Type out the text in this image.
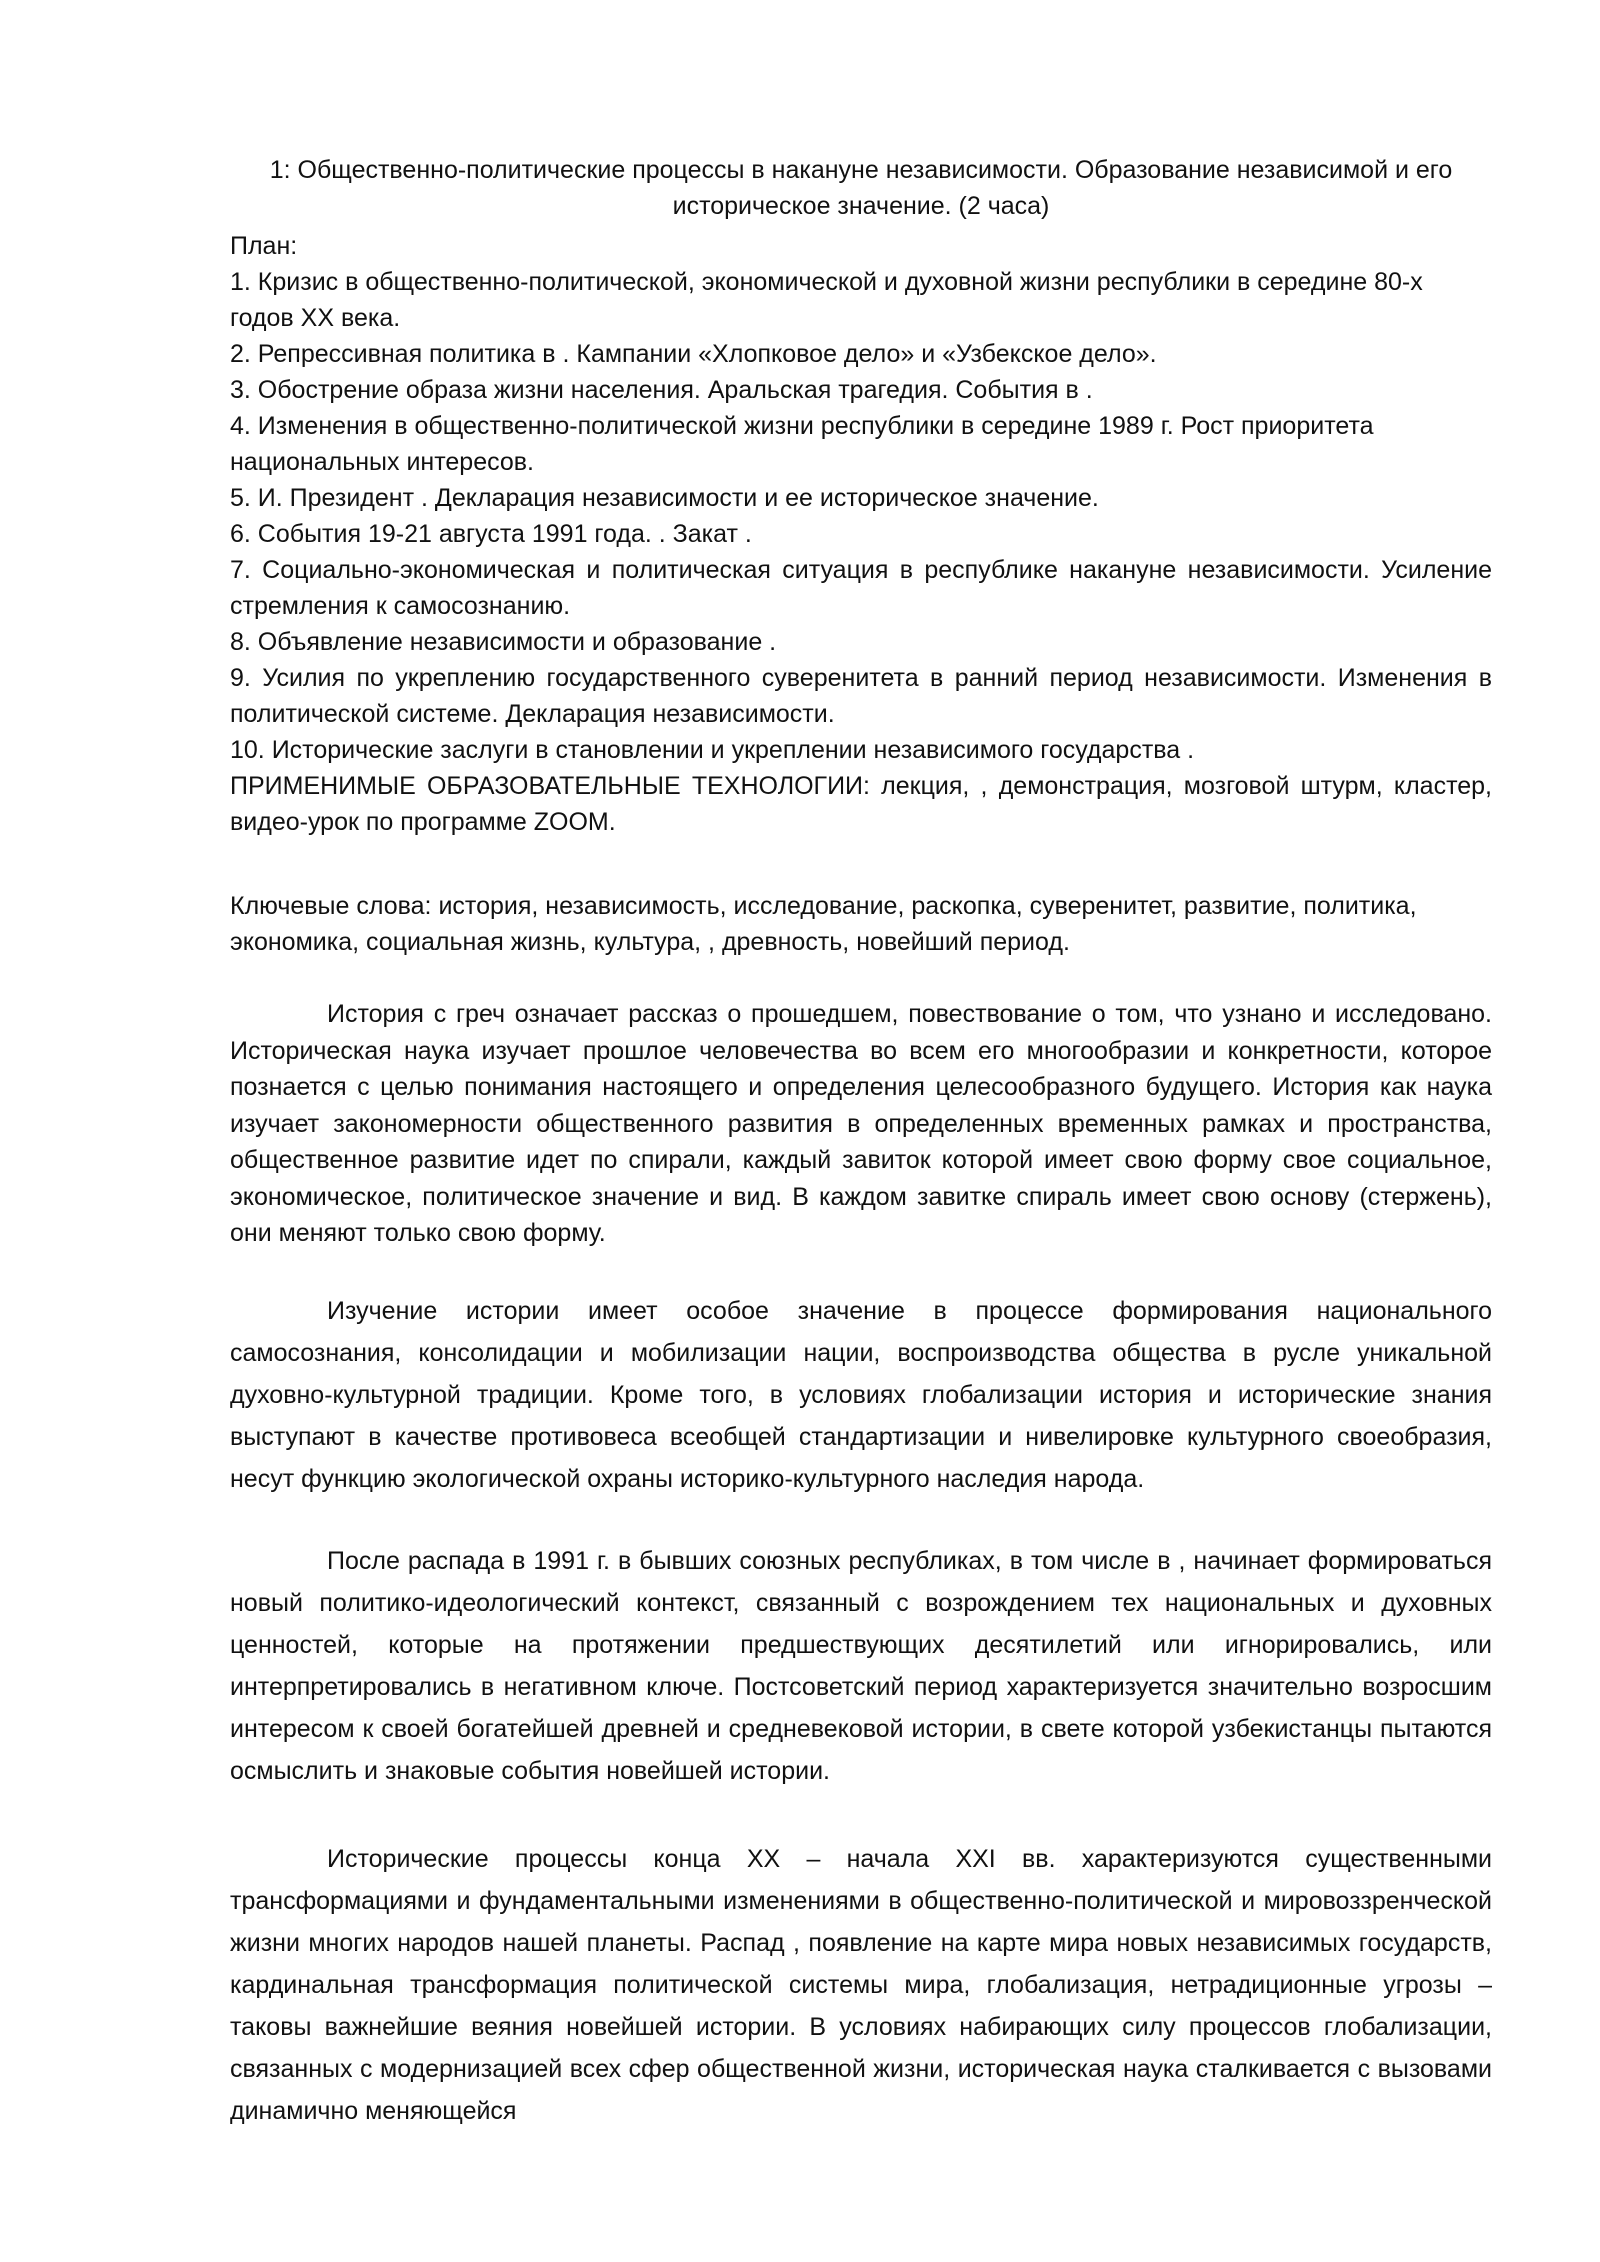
1: Общественно-политические процессы в накануне независимости. Образование независимой и его историческое значение. (2 часа)

План:

1. Кризис в общественно-политической, экономической и духовной жизни республики в середине 80-х годов XX века.

2. Репрессивная политика в . Кампании «Хлопковое дело» и «Узбекское дело».

3. Обострение образа жизни населения. Аральская трагедия. События в .

4. Изменения в общественно-политической жизни республики в середине 1989 г. Рост приоритета национальных интересов.

5. И. Президент . Декларация независимости и ее историческое значение.

6. События 19-21 августа 1991 года. . Закат .

7. Социально-экономическая и политическая ситуация в республике накануне независимости. Усиление стремления к самосознанию.

8. Объявление независимости и образование .

9. Усилия по укреплению государственного суверенитета в ранний период независимости. Изменения в политической системе. Декларация независимости.

10. Исторические заслуги в становлении и укреплении независимого государства .

ПРИМЕНИМЫЕ ОБРАЗОВАТЕЛЬНЫЕ ТЕХНОЛОГИИ: лекция, , демонстрация, мозговой штурм, кластер, видео-урок по программе ZOOM.

Ключевые слова: история, независимость, исследование, раскопка, суверенитет, развитие, политика, экономика, социальная жизнь, культура, , древность, новейший период.

История с греч означает рассказ о прошедшем, повествование о том, что узнано и исследовано. Историческая наука изучает прошлое человечества во всем его многообразии и конкретности, которое познается с целью понимания настоящего и определения целесообразного будущего. История как наука изучает закономерности общественного развития в определенных временных рамках и пространства, общественное развитие идет по спирали, каждый завиток которой имеет свою форму свое социальное, экономическое, политическое значение и вид. В каждом завитке спираль имеет свою основу (стержень), они меняют только свою форму.

Изучение истории имеет особое значение в процессе формирования национального самосознания, консолидации и мобилизации нации, воспроизводства общества в русле уникальной духовно-культурной традиции. Кроме того, в условиях глобализации история и исторические знания выступают в качестве противовеса всеобщей стандартизации и нивелировке культурного своеобразия, несут функцию экологической охраны историко-культурного наследия народа.

После распада в 1991 г. в бывших союзных республиках, в том числе в , начинает формироваться новый политико-идеологический контекст, связанный с возрождением тех национальных и духовных ценностей, которые на протяжении предшествующих десятилетий или игнорировались, или интерпретировались в негативном ключе. Постсоветский период характеризуется значительно возросшим интересом к своей богатейшей древней и средневековой истории, в свете которой узбекистанцы пытаются осмыслить и знаковые события новейшей истории.

Исторические процессы конца XX – начала XXI вв. характеризуются существенными трансформациями и фундаментальными изменениями в общественно-политической и мировоззренческой жизни многих народов нашей планеты. Распад , появление на карте мира новых независимых государств, кардинальная трансформация политической системы мира, глобализация, нетрадиционные угрозы – таковы важнейшие веяния новейшей истории. В условиях набирающих силу процессов глобализации, связанных с модернизацией всех сфер общественной жизни, историческая наука сталкивается с вызовами динамично меняющейся
